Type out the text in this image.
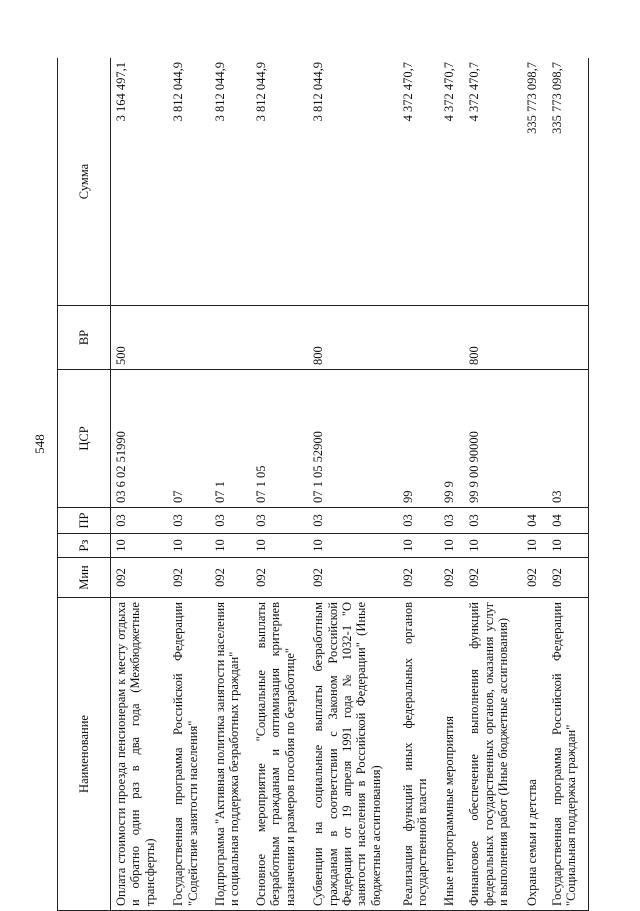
548
Наименование	Мин	Рз	ПР	ЦСР	ВР	Сумма
Оплата стоимости проезда пенсионерам к месту отдыха и обратно один раз в два года (Межбюджетные трансферты)	092	10	03	03 6 02 51990	500	3 164 497,1
Государственная программа Российской Федерации "Содействие занятости населения"	092	10	03	07		3 812 044,9
Подпрограмма "Активная политика занятости населения и социальная поддержка безработных граждан"	092	10	03	07 1		3 812 044,9
Основное мероприятие "Социальные выплаты безработным гражданам и оптимизация критериев назначения и размеров пособия по безработице"	092	10	03	07 1 05		3 812 044,9
Субвенции на социальные выплаты безработным гражданам в соответствии с Законом Российской Федерации от 19 апреля 1991 года № 1032-1 "О занятости населения в Российской Федерации" (Иные бюджетные ассигнования)	092	10	03	07 1 05 52900	800	3 812 044,9
Реализация функций иных федеральных органов государственной власти	092	10	03	99		4 372 470,7
Иные непрограммные мероприятия	092	10	03	99 9		4 372 470,7
Финансовое обеспечение выполнения функций федеральных государственных органов, оказания услуг и выполнения работ (Иные бюджетные ассигнования)	092	10	03	99 9 00 90000	800	4 372 470,7
Охрана семьи и детства	092	10	04			335 773 098,7
Государственная программа Российской Федерации "Социальная поддержка граждан"	092	10	04	03		335 773 098,7
